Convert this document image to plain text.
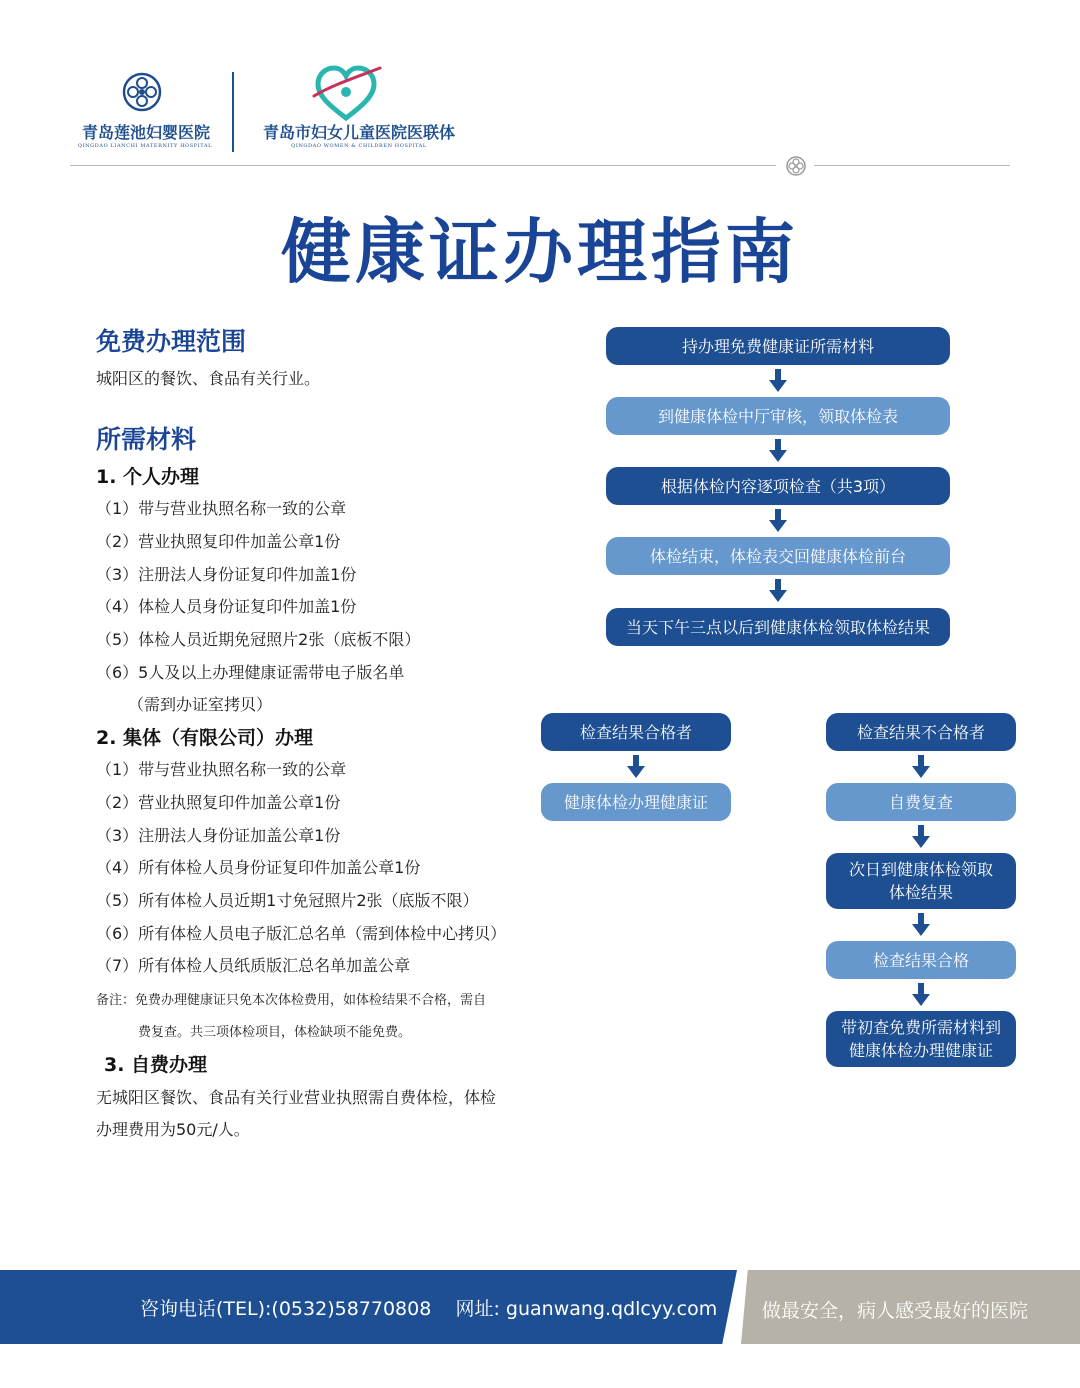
青岛莲池妇婴医院
QINGDAO LIANCHI MATERNITY HOSPITAL
青岛市妇女儿童医院医联体
QINGDAO WOMEN & CHILDREN HOSPITAL
健康证办理指南
免费办理范围
城阳区的餐饮、食品有关行业。
所需材料
1. 个人办理
（1）带与营业执照名称一致的公章
（2）营业执照复印件加盖公章1份
（3）注册法人身份证复印件加盖1份
（4）体检人员身份证复印件加盖1份
（5）体检人员近期免冠照片2张（底板不限）
（6）5人及以上办理健康证需带电子版名单
（需到办证室拷贝）
2. 集体（有限公司）办理
（1）带与营业执照名称一致的公章
（2）营业执照复印件加盖公章1份
（3）注册法人身份证加盖公章1份
（4）所有体检人员身份证复印件加盖公章1份
（5）所有体检人员近期1寸免冠照片2张（底版不限）
（6）所有体检人员电子版汇总名单（需到体检中心拷贝）
（7）所有体检人员纸质版汇总名单加盖公章
备注：免费办理健康证只免本次体检费用，如体检结果不合格，需自
费复查。共三项体检项目，体检缺项不能免费。
3. 自费办理
无城阳区餐饮、食品有关行业营业执照需自费体检，体检
办理费用为50元/人。
持办理免费健康证所需材料
到健康体检中厅审核，领取体检表
根据体检内容逐项检查（共3项）
体检结束，体检表交回健康体检前台
当天下午三点以后到健康体检领取体检结果
检查结果合格者
健康体检办理健康证
检查结果不合格者
自费复查
次日到健康体检领取
体检结果
检查结果合格
带初查免费所需材料到
健康体检办理健康证
咨询电话(TEL):(0532)58770808    网址: guanwang.qdlcyy.com 做最安全，病人感受最好的医院
